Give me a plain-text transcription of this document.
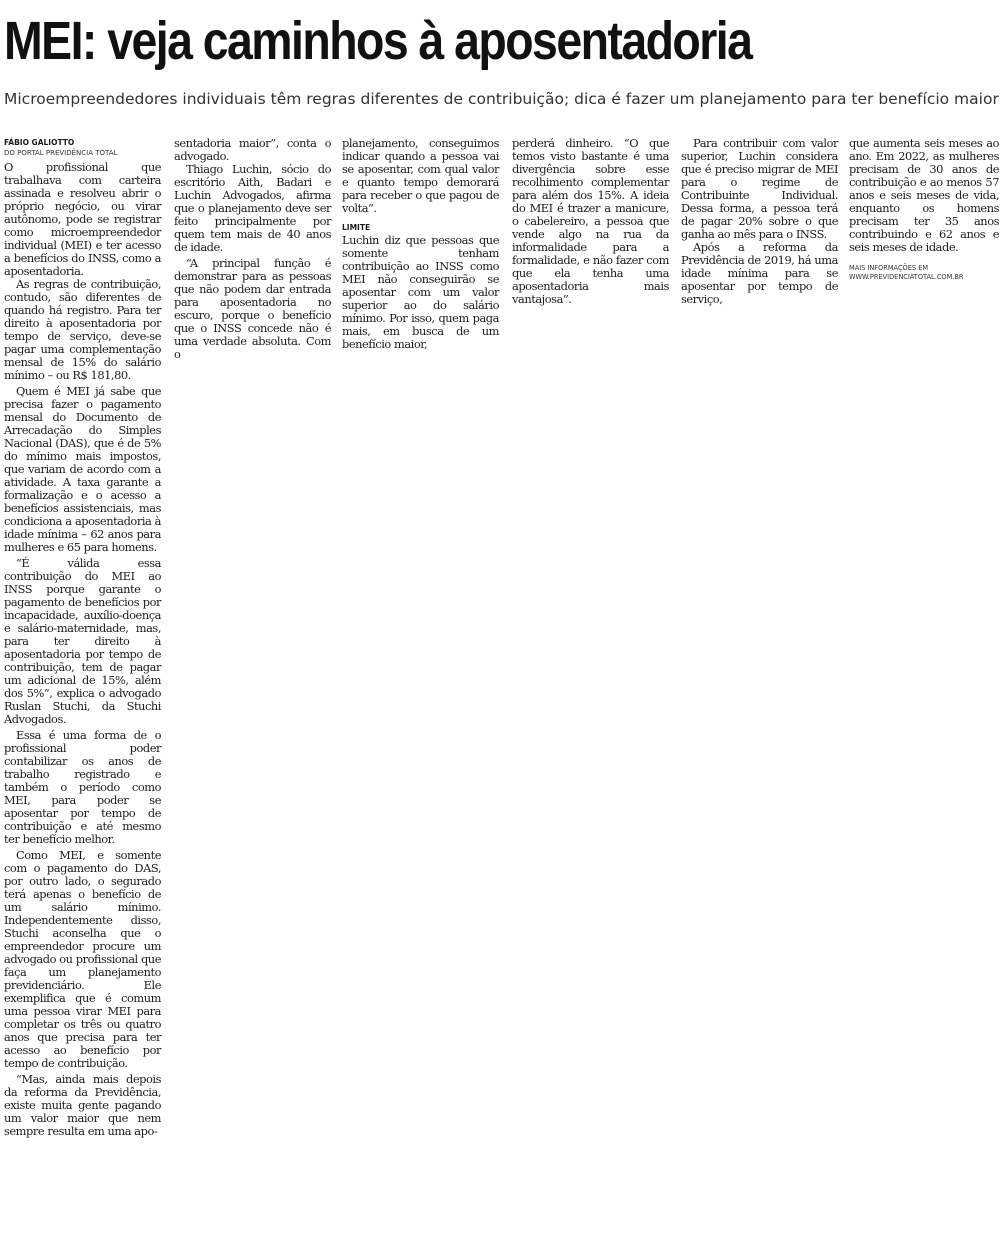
MEI: veja caminhos à aposentadoria
Microempreendedores individuais têm regras diferentes de contribuição; dica é fazer um planejamento para ter benefício maior
FÁBIO GALIOTTO
DO PORTAL PREVIDÊNCIA TOTAL

O profissional que trabalhava com carteira assinada e resolveu abrir o próprio negócio, ou virar autônomo, pode se registrar como microempreendedor individual (MEI) e ter acesso a benefícios do INSS, como a aposentadoria.

As regras de contribuição, contudo, são diferentes de quando há registro. Para ter direito à aposentadoria por tempo de serviço, deve-se pagar uma complementação mensal de 15% do salário mínimo – ou R$ 181,80.

Quem é MEI já sabe que precisa fazer o pagamento mensal do Documento de Arrecadação do Simples Nacional (DAS), que é de 5% do mínimo mais impostos, que variam de acordo com a atividade. A taxa garante a formalização e o acesso a benefícios assistenciais, mas condiciona a aposentadoria à idade mínima – 62 anos para mulheres e 65 para homens.

“É válida essa contribuição do MEI ao INSS porque garante o pagamento de benefícios por incapacidade, auxílio-doença e salário-maternidade, mas, para ter direito à aposentadoria por tempo de contribuição, tem de pagar um adicional de 15%, além dos 5%”, explica o advogado Ruslan Stuchi, da Stuchi Advogados.

Essa é uma forma de o profissional poder contabilizar os anos de trabalho registrado e também o período como MEI, para poder se aposentar por tempo de contribuição e até mesmo ter benefício melhor.

Como MEI, e somente com o pagamento do DAS, por outro lado, o segurado terá apenas o benefício de um salário mínimo. Independentemente disso, Stuchi aconselha que o empreendedor procure um advogado ou profissional que faça um planejamento previdenciário. Ele exemplifica que é comum uma pessoa virar MEI para completar os três ou quatro anos que precisa para ter acesso ao benefício por tempo de contribuição.

“Mas, ainda mais depois da reforma da Previdência, existe muita gente pagando um valor maior que nem sempre resulta em uma apo-

sentadoria maior”, conta o advogado.

Thiago Luchin, sócio do escritório Aith, Badari e Luchin Advogados, afirma que o planejamento deve ser feito principalmente por quem tem mais de 40 anos de idade.

“A principal função é demonstrar para as pessoas que não podem dar entrada para aposentadoria no escuro, porque o benefício que o INSS concede não é uma verdade absoluta. Com o

planejamento, conseguimos indicar quando a pessoa vai se aposentar, com qual valor e quanto tempo demorará para receber o que pagou de volta”.

LIMITE

Luchin diz que pessoas que somente tenham contribuição ao INSS como MEI não conseguirão se aposentar com um valor superior ao do salário mínimo. Por isso, quem paga mais, em busca de um benefício maior,

perderá dinheiro. “O que temos visto bastante é uma divergência sobre esse recolhimento complementar para além dos 15%. A ideia do MEI é trazer a manicure, o cabelereiro, a pessoa que vende algo na rua da informalidade para a formalidade, e não fazer com que ela tenha uma aposentadoria mais vantajosa”.

Para contribuir com valor superior, Luchin considera que é preciso migrar de MEI para o regime de Contribuinte Individual. Dessa forma, a pessoa terá de pagar 20% sobre o que ganha ao mês para o INSS.

Após a reforma da Previdência de 2019, há uma idade mínima para se aposentar por tempo de serviço,

que aumenta seis meses ao ano. Em 2022, as mulheres precisam de 30 anos de contribuição e ao menos 57 anos e seis meses de vida, enquanto os homens precisam ter 35 anos contribuindo e 62 anos e seis meses de idade.

MAIS INFORMAÇÕES EM
WWW.PREVIDENCIATOTAL.COM.BR
